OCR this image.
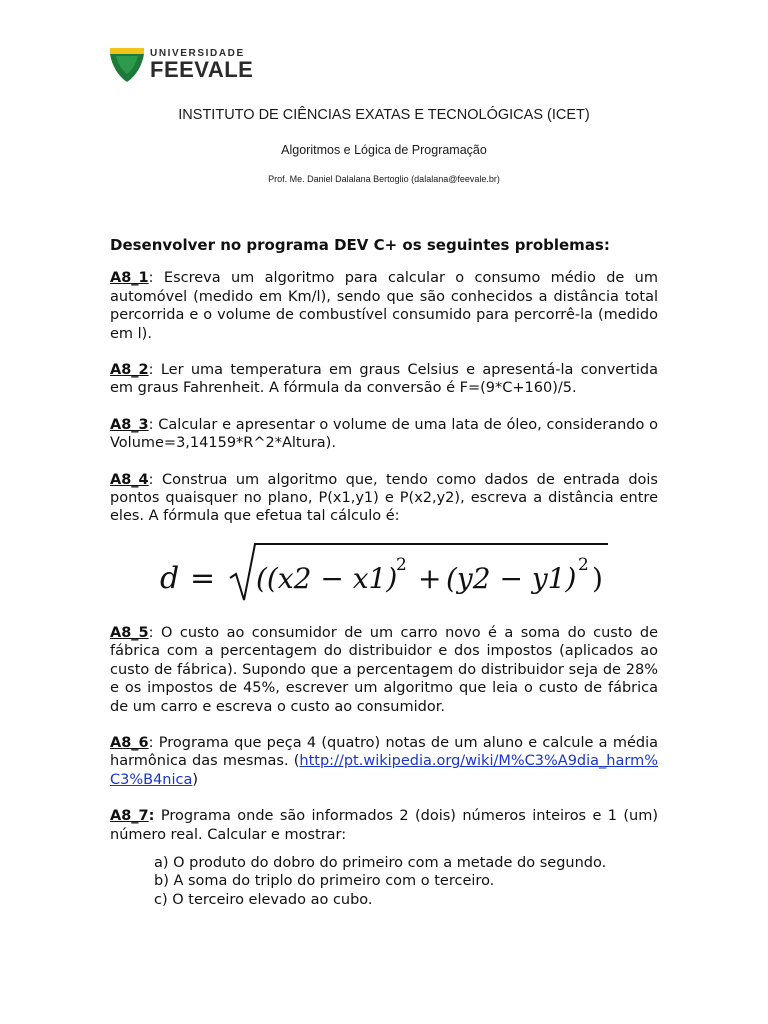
UNIVERSIDADE
FEEVALE
INSTITUTO DE CIÊNCIAS EXATAS E TECNOLÓGICAS (ICET)
Algoritmos e Lógica de Programação
Prof. Me. Daniel Dalalana Bertoglio (dalalana@feevale.br)

Desenvolver no programa DEV C+ os seguintes problemas:

A8_1: Escreva um algoritmo para calcular o consumo médio de um automóvel (medido em Km/l), sendo que são conhecidos a distância total percorrida e o volume de combustível consumido para percorrê-la (medido em l).

A8_2: Ler uma temperatura em graus Celsius e apresentá-la convertida em graus Fahrenheit. A fórmula da conversão é F=(9*C+160)/5.

A8_3: Calcular e apresentar o volume de uma lata de óleo, considerando o Volume=3,14159*R^2*Altura).

A8_4: Construa um algoritmo que, tendo como dados de entrada dois pontos quaisquer no plano, P(x1,y1) e P(x2,y2), escreva a distância entre eles. A fórmula que efetua tal cálculo é:

d = ((x2 − x1)
2 + (y2 − y1) 2 )

A8_5: O custo ao consumidor de um carro novo é a soma do custo de fábrica com a percentagem do distribuidor e dos impostos (aplicados ao custo de fábrica). Supondo que a percentagem do distribuidor seja de 28% e os impostos de 45%, escrever um algoritmo que leia o custo de fábrica de um carro e escreva o custo ao consumidor.

A8_6: Programa que peça 4 (quatro) notas de um aluno e calcule a média harmônica das mesmas. (http://pt.wikipedia.org/wiki/M%C3%A9dia_harm%C3%B4nica)

A8_7: Programa onde são informados 2 (dois) números inteiros e 1 (um) número real. Calcular e mostrar:

a) O produto do dobro do primeiro com a metade do segundo.
b) A soma do triplo do primeiro com o terceiro.
c) O terceiro elevado ao cubo.
